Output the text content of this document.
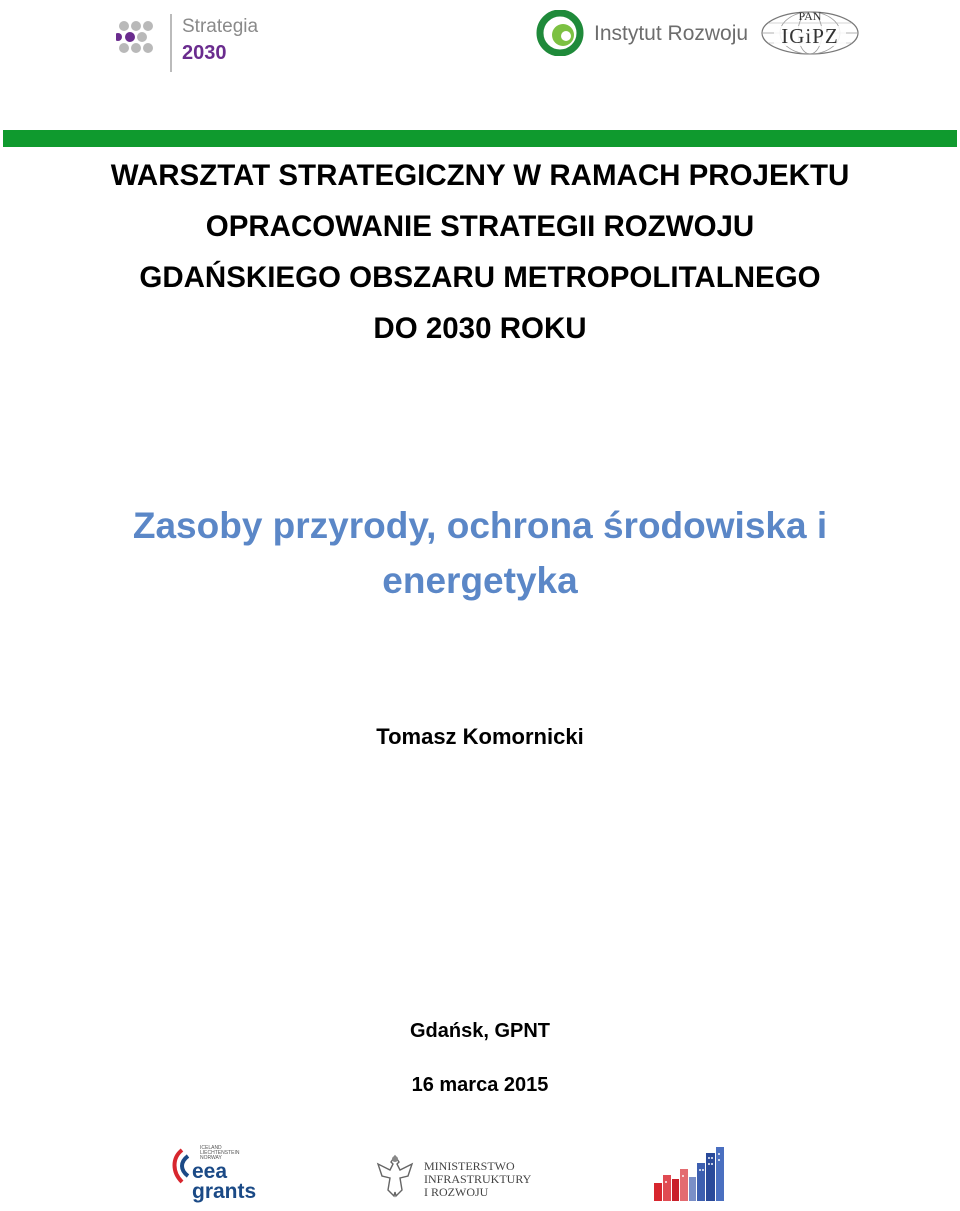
Strategia
2030
Instytut Rozwoju
PAN
IGiPZ
WARSZTAT STRATEGICZNY W RAMACH PROJEKTU
OPRACOWANIE STRATEGII ROZWOJU
GDAŃSKIEGO OBSZARU METROPOLITALNEGO
DO 2030 ROKU
Zasoby przyrody, ochrona środowiska i
energetyka
Tomasz Komornicki
Gdańsk, GPNT
16 marca 2015
ICELAND
LIECHTENSTEIN
NORWAY
eea
grants
MINISTERSTWO
INFRASTRUKTURY
I ROZWOJU
